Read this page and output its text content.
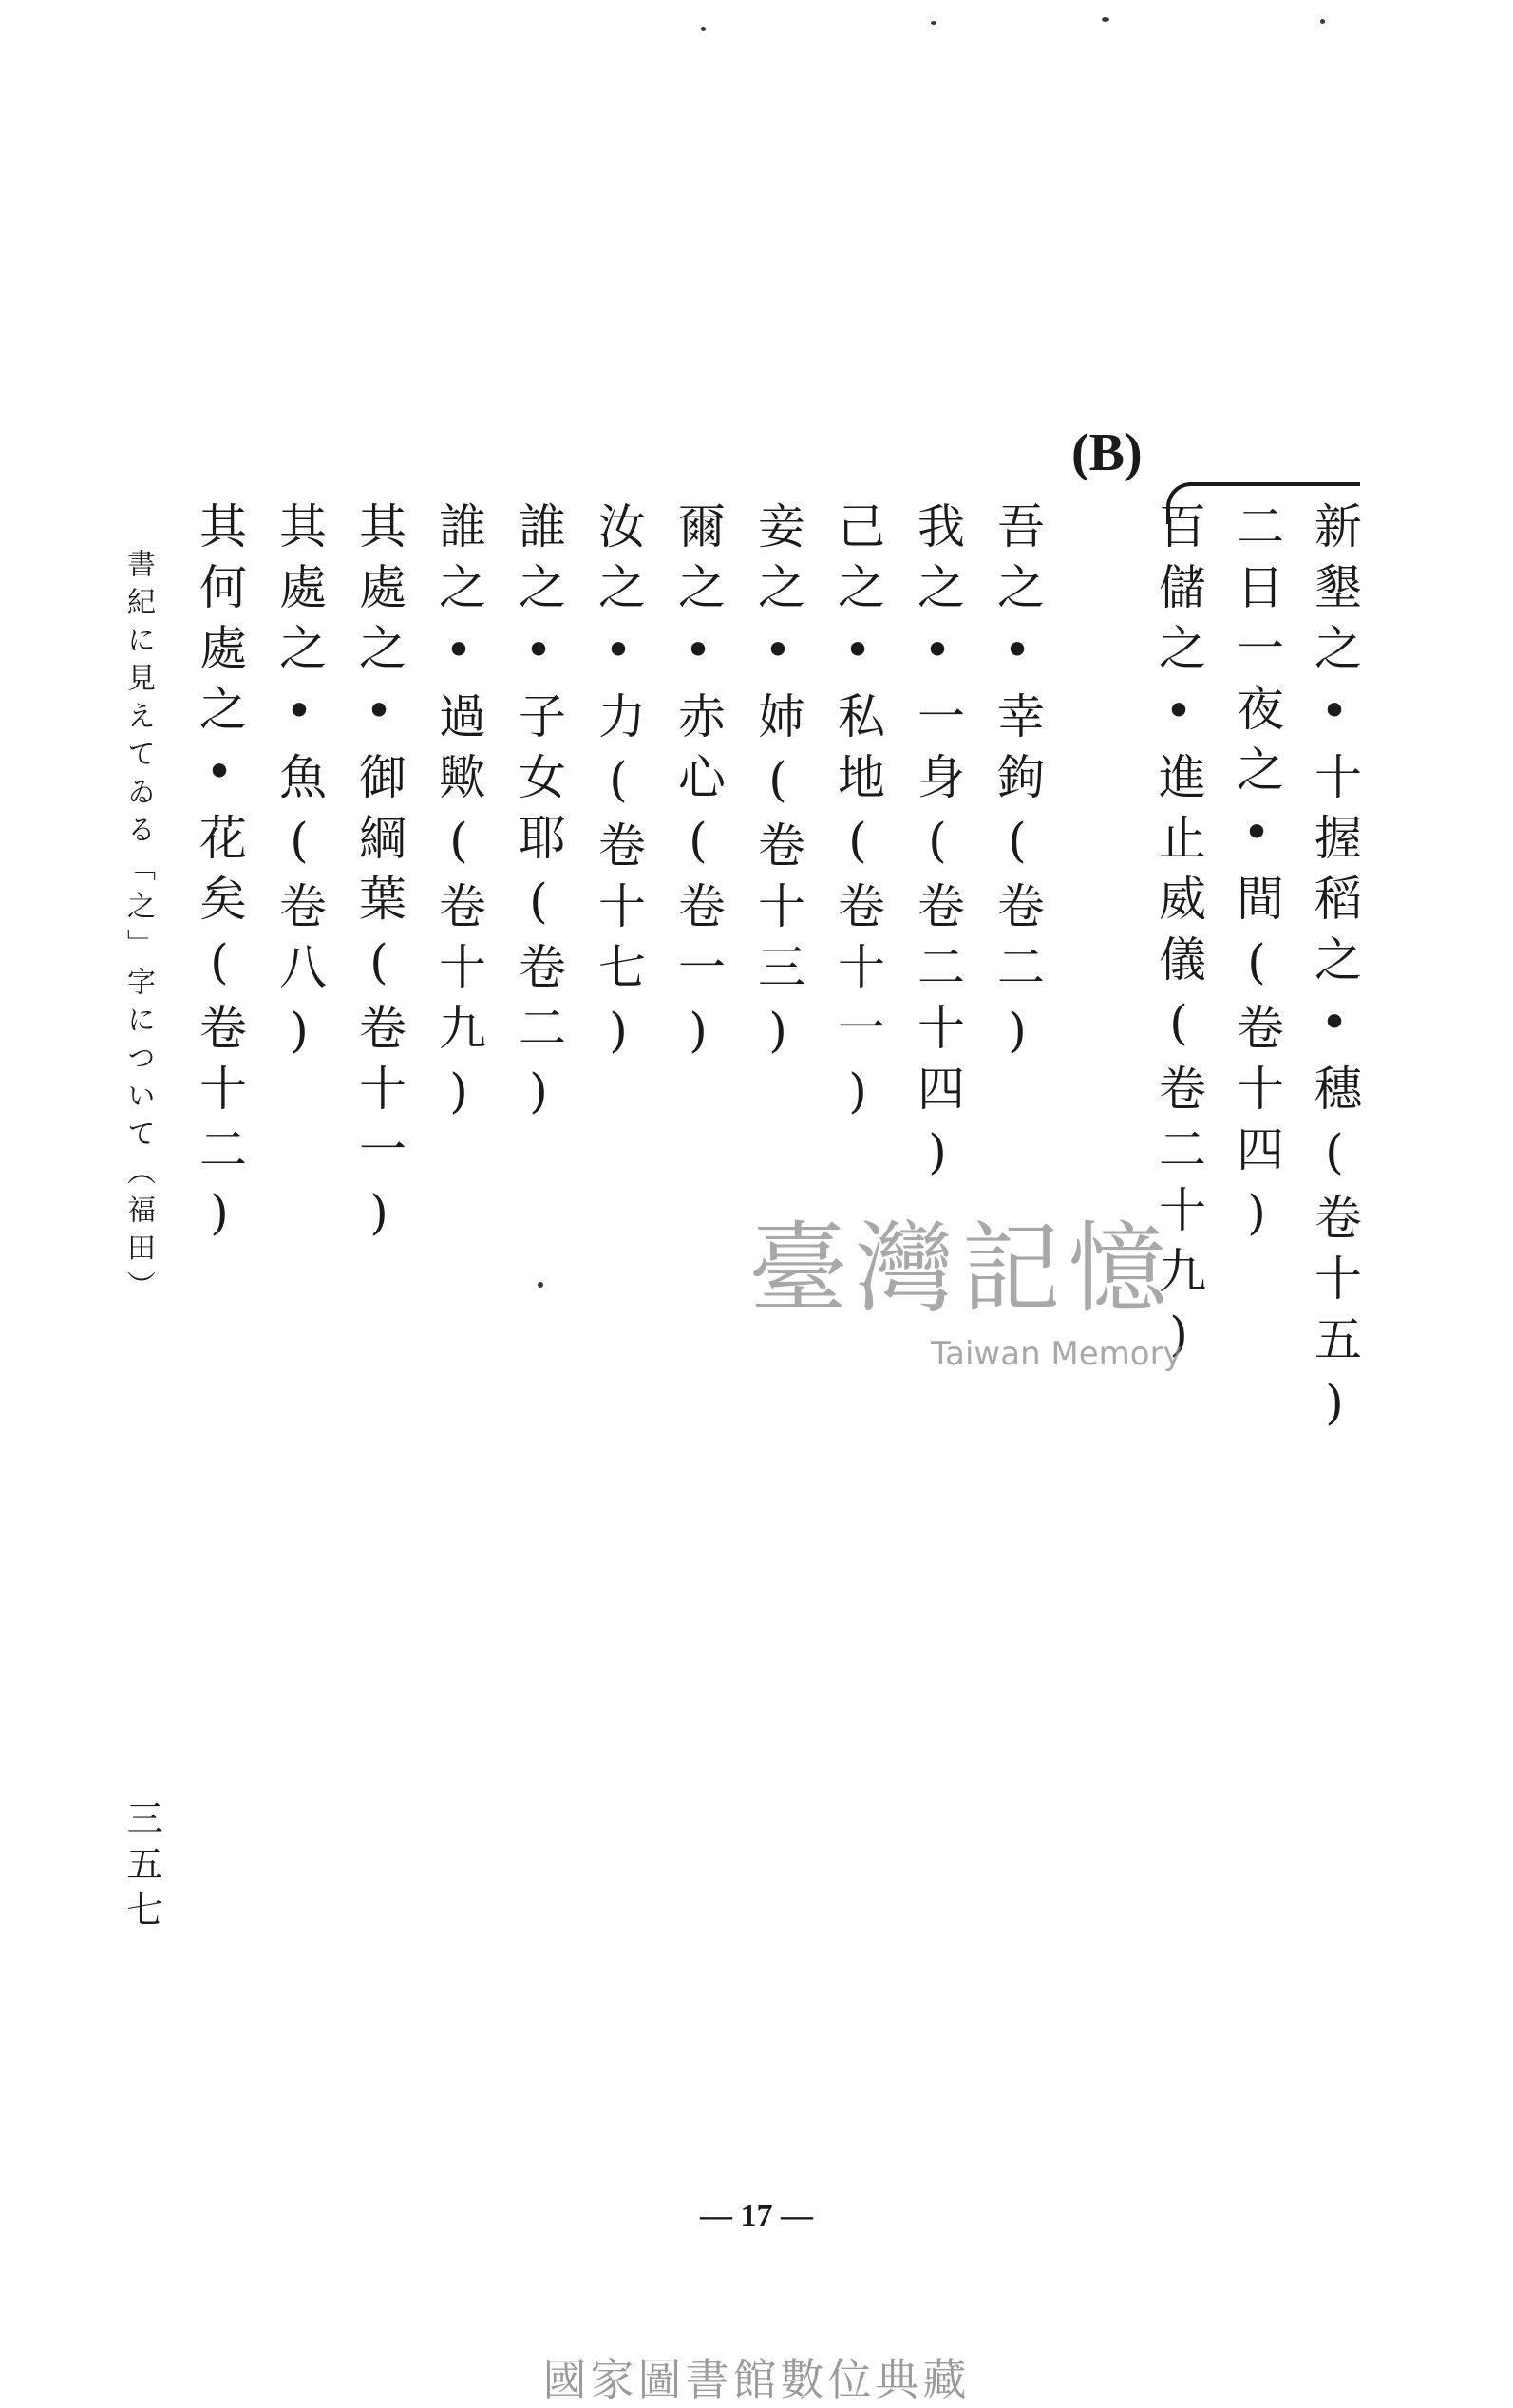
(B)
新墾之•十握稻之•穗(卷十五)
二日一夜之•間(卷十四)
百儲之•進止威儀(卷二十九)
吾之•幸鉤(卷二)
我之•一身(卷二十四)
己之•私地(卷十一)
妾之•姉(卷十三)
爾之•赤心(卷一)
汝之•力(卷十七)
誰之•子女耶(卷二)
誰之•過歟(卷十九)
其處之•御綱葉(卷十一)
其處之•魚(卷八)
其何處之•花矣(卷十二)
書紀に見えてゐる「之」字について（福田）
三五七
臺灣記憶
Taiwan Memory
— 17 —
國家圖書館數位典藏
